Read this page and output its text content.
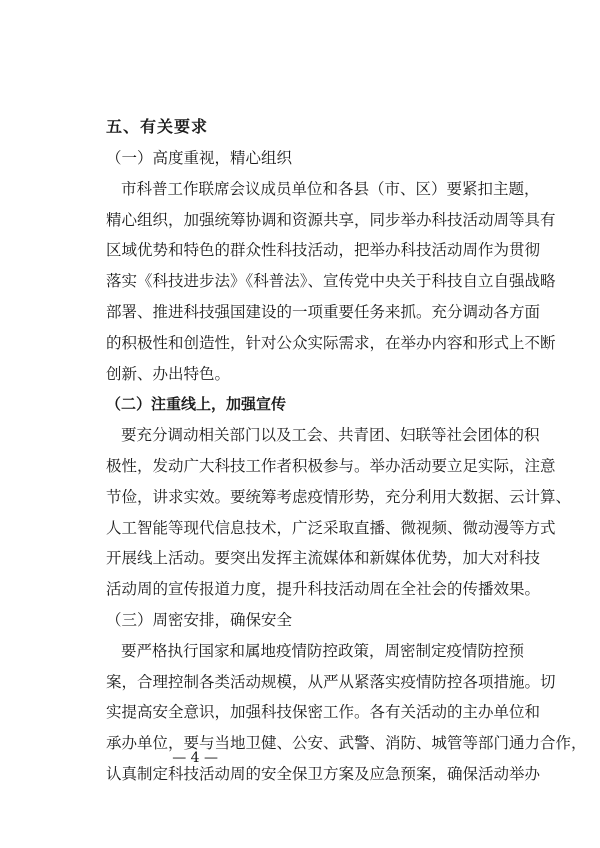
五、有关要求
（一）高度重视，精心组织
市科普工作联席会议成员单位和各县（市、区）要紧扣主题，
精心组织，加强统筹协调和资源共享，同步举办科技活动周等具有
区域优势和特色的群众性科技活动，把举办科技活动周作为贯彻
落实《科技进步法》《科普法》、宣传党中央关于科技自立自强战略
部署、推进科技强国建设的一项重要任务来抓。充分调动各方面
的积极性和创造性，针对公众实际需求，在举办内容和形式上不断
创新、办出特色。
（二）注重线上，加强宣传
要充分调动相关部门以及工会、共青团、妇联等社会团体的积
极性，发动广大科技工作者积极参与。举办活动要立足实际，注意
节俭，讲求实效。要统筹考虑疫情形势，充分利用大数据、云计算、
人工智能等现代信息技术，广泛采取直播、微视频、微动漫等方式
开展线上活动。要突出发挥主流媒体和新媒体优势，加大对科技
活动周的宣传报道力度，提升科技活动周在全社会的传播效果。
（三）周密安排，确保安全
要严格执行国家和属地疫情防控政策，周密制定疫情防控预
案，合理控制各类活动规模，从严从紧落实疫情防控各项措施。切
实提高安全意识，加强科技保密工作。各有关活动的主办单位和
承办单位，要与当地卫健、公安、武警、消防、城管等部门通力合作，
认真制定科技活动周的安全保卫方案及应急预案，确保活动举办
— 4 —
